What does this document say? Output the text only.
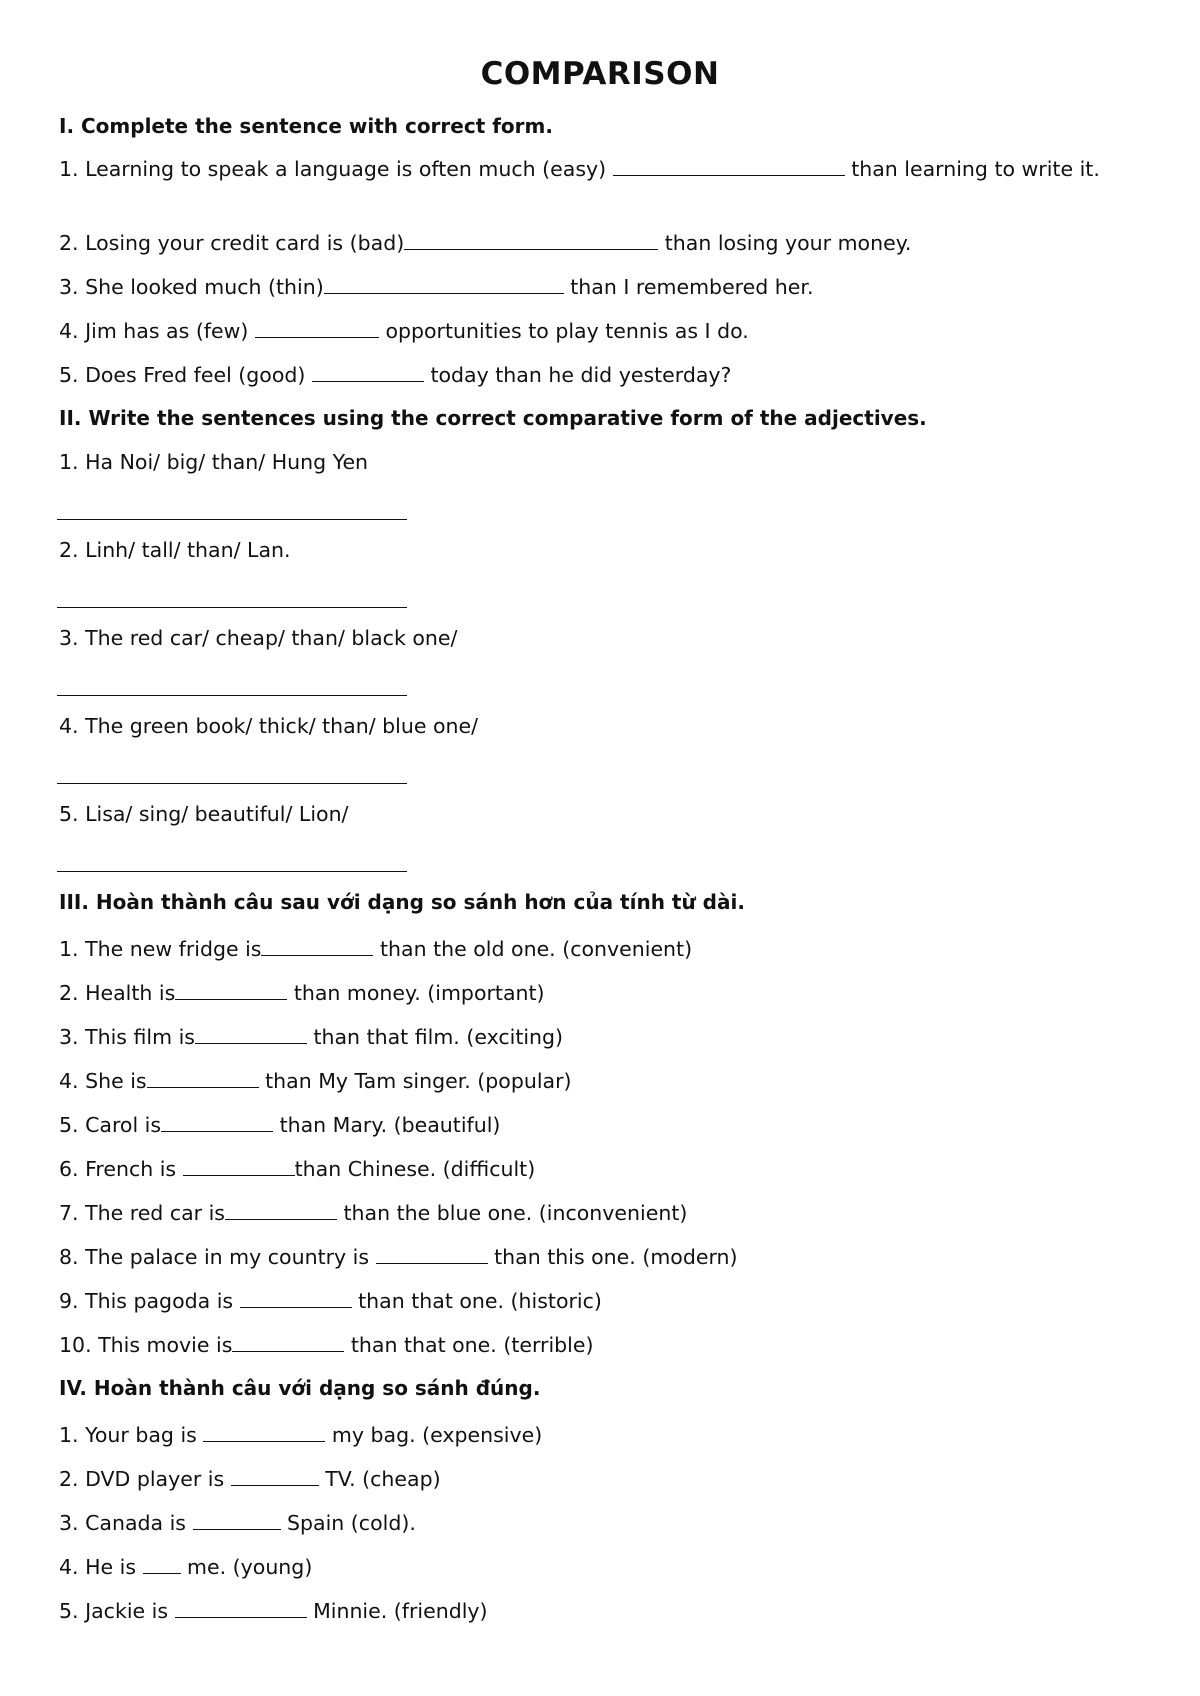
COMPARISON
I. Complete the sentence with correct form.
1. Learning to speak a language is often much (easy)	than learning to write it.
2. Losing your credit card is (bad)	than losing your money.
3. She looked much (thin)	than I remembered her.
4. Jim has as (few)	opportunities to play tennis as I do.
5. Does Fred feel (good)	today than he did yesterday?
II. Write the sentences using the correct comparative form of the adjectives.
1. Ha Noi/ big/ than/ Hung Yen
2. Linh/ tall/ than/ Lan.
3. The red car/ cheap/ than/ black one/
4. The green book/ thick/ than/ blue one/
5. Lisa/ sing/ beautiful/ Lion/
III. Hoàn thành câu sau với dạng so sánh hơn của tính từ dài.
1. The new fridge is	than the old one. (convenient)
2. Health is	than money. (important)
3. This film is	than that film. (exciting)
4. She is	than My Tam singer. (popular)
5. Carol is	than Mary. (beautiful)
6. French is	than Chinese. (difficult)
7. The red car is	than the blue one. (inconvenient)
8. The palace in my country is	than this one. (modern)
9. This pagoda is	than that one. (historic)
10. This movie is	than that one. (terrible)
IV. Hoàn thành câu với dạng so sánh đúng.
1. Your bag is	my bag. (expensive)
2. DVD player is	TV. (cheap)
3. Canada is	Spain (cold).
4. He is  me. (young)
5. Jackie is	Minnie. (friendly)
